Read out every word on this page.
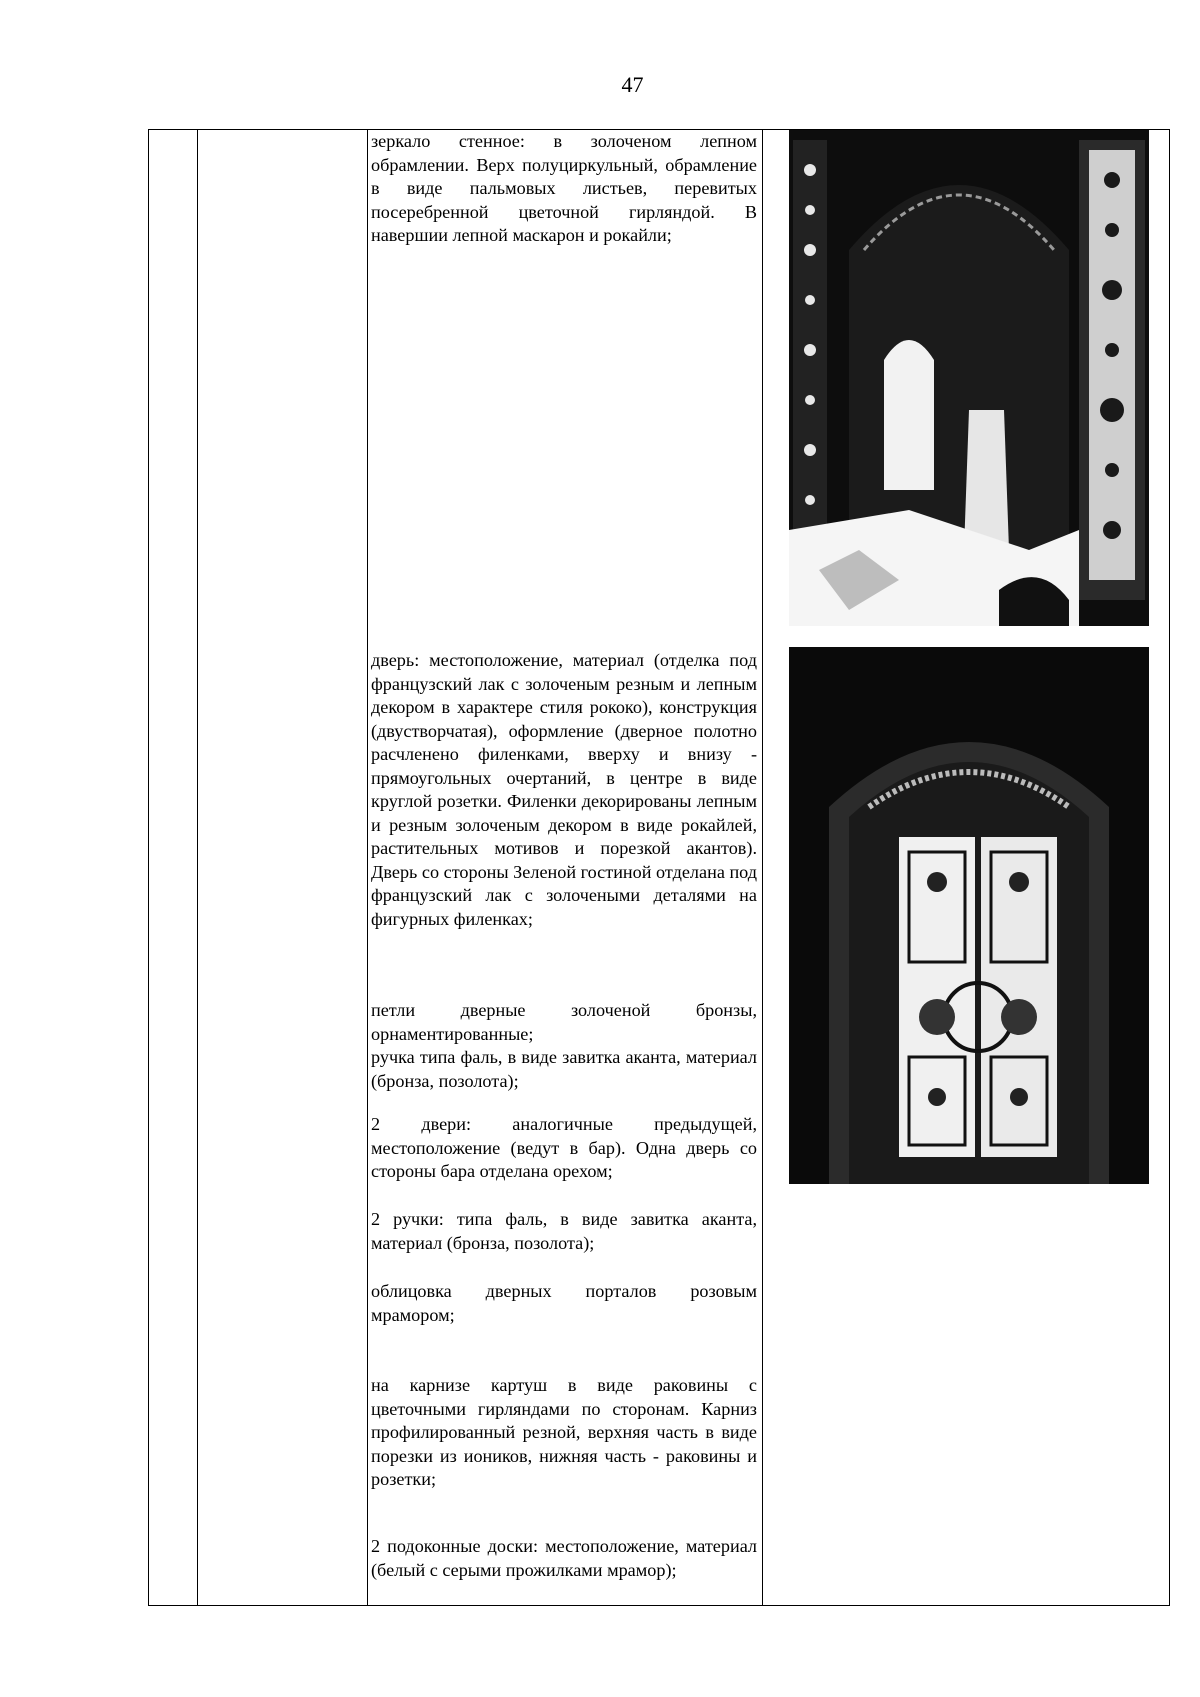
47
зеркало стенное: в золоченом лепном обрамлении. Верх полуциркульный, обрамление в виде пальмовых листьев, перевитых посеребренной цветочной гирляндой. В навершии лепной маскарон и рокайли;
дверь: местоположение, материал (отделка под французский лак с золоченым резным и лепным декором в характере стиля рококо), конструкция (двустворчатая), оформление (дверное полотно расчленено филенками, вверху и внизу - прямоугольных очертаний, в центре в виде круглой розетки. Филенки декорированы лепным и резным золоченым декором в виде рокайлей, растительных мотивов и порезкой акантов). Дверь со стороны Зеленой гостиной отделана под французский лак с золочеными деталями на фигурных филенках;
петли дверные золоченой бронзы, орнаментированные;
ручка типа фаль, в виде завитка аканта, материал (бронза, позолота);
2 двери: аналогичные предыдущей, местоположение (ведут в бар). Одна дверь со стороны бара отделана орехом;
2 ручки: типа фаль, в виде завитка аканта, материал (бронза, позолота);
облицовка дверных порталов розовым мрамором;
на карнизе картуш в виде раковины с цветочными гирляндами по сторонам. Карниз профилированный резной, верхняя часть в виде порезки из иоников, нижняя часть - раковины и розетки;
2 подоконные доски: местоположение, материал (белый с серыми прожилками мрамор);
